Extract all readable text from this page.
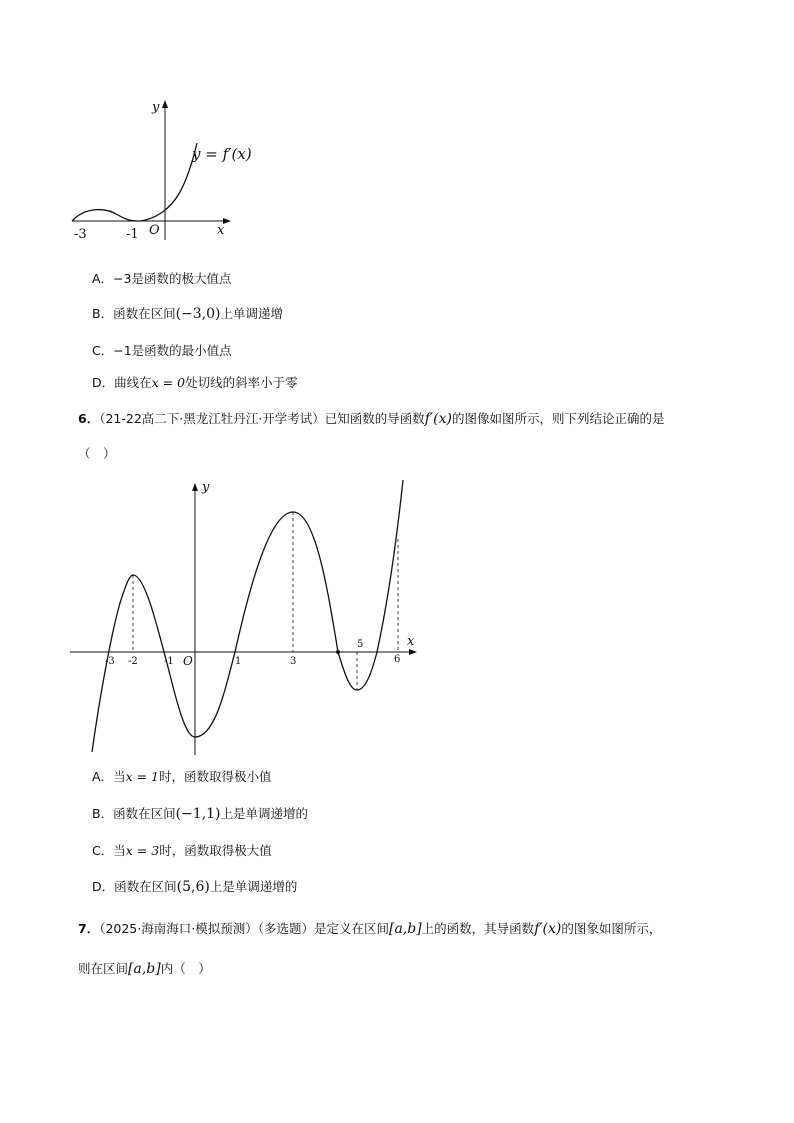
y
x
y = f′(x)
-3	-1 O
A．−3是函数的极大值点
B．函数在区间(−3,0)上单调递增
C．−1是函数的最小值点
D．曲线在x = 0处切线的斜率小于零
6．（21-22高二下·黑龙江牡丹江·开学考试）已知函数的导函数f′(x)的图像如图所示，则下列结论正确的是
（　）
y
x
O
-3 -2	-1	1	3	6
5
A．当x = 1时，函数取得极小值
B．函数在区间(−1,1)上是单调递增的
C．当x = 3时，函数取得极大值
D．函数在区间(5,6)上是单调递增的
7．（2025·海南海口·模拟预测）（多选题）是定义在区间[a,b]上的函数，其导函数f′(x)的图象如图所示，
则在区间[a,b]内（　）
